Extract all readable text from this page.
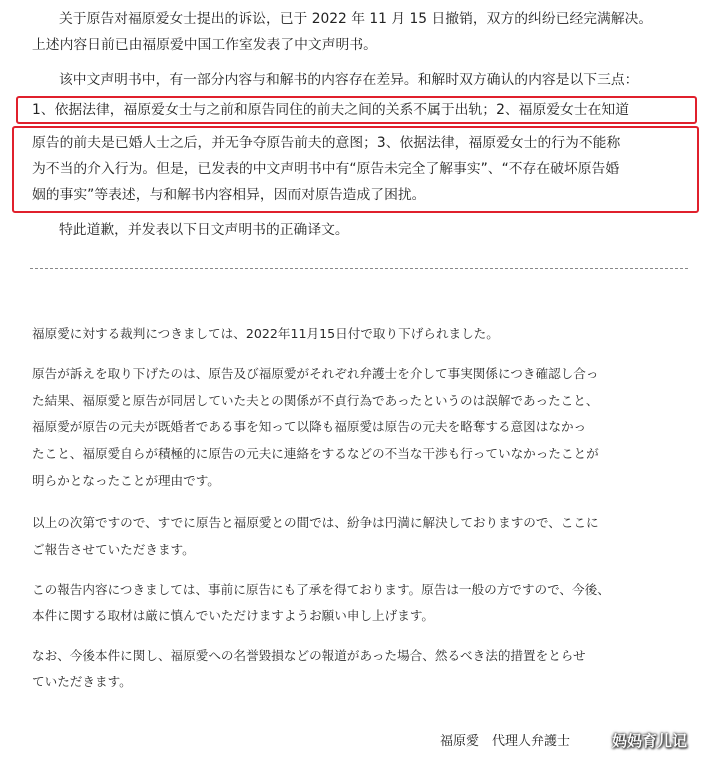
关于原告对福原爱女士提出的诉讼，已于 2022 年 11 月 15 日撤销，双方的纠纷已经完满解决。

上述内容日前已由福原爱中国工作室发表了中文声明书。

该中文声明书中，有一部分内容与和解书的内容存在差异。和解时双方确认的内容是以下三点：

1、依据法律，福原爱女士与之前和原告同住的前夫之间的关系不属于出轨；2、福原爱女士在知道

原告的前夫是已婚人士之后，并无争夺原告前夫的意图；3、依据法律，福原爱女士的行为不能称

为不当的介入行为。但是，已发表的中文声明书中有“原告未完全了解事实”、“不存在破坏原告婚

姻的事实”等表述，与和解书内容相异，因而对原告造成了困扰。

特此道歉，并发表以下日文声明书的正确译文。

福原愛に対する裁判につきましては、2022年11月15日付で取り下げられました。

原告が訴えを取り下げたのは、原告及び福原愛がそれぞれ弁護士を介して事実関係につき確認し合っ

た結果、福原愛と原告が同居していた夫との関係が不貞行為であったというのは誤解であったこと、

福原愛が原告の元夫が既婚者である事を知って以降も福原愛は原告の元夫を略奪する意図はなかっ

たこと、福原愛自らが積極的に原告の元夫に連絡をするなどの不当な干渉も行っていなかったことが

明らかとなったことが理由です。

以上の次第ですので、すでに原告と福原愛との間では、紛争は円満に解決しておりますので、ここに

ご報告させていただきます。

この報告内容につきましては、事前に原告にも了承を得ております。原告は一般の方ですので、今後、

本件に関する取材は厳に慎んでいただけますようお願い申し上げます。

なお、今後本件に関し、福原愛への名誉毀損などの報道があった場合、然るべき法的措置をとらせ

ていただきます。

福原愛　代理人弁護士	妈妈育儿记
